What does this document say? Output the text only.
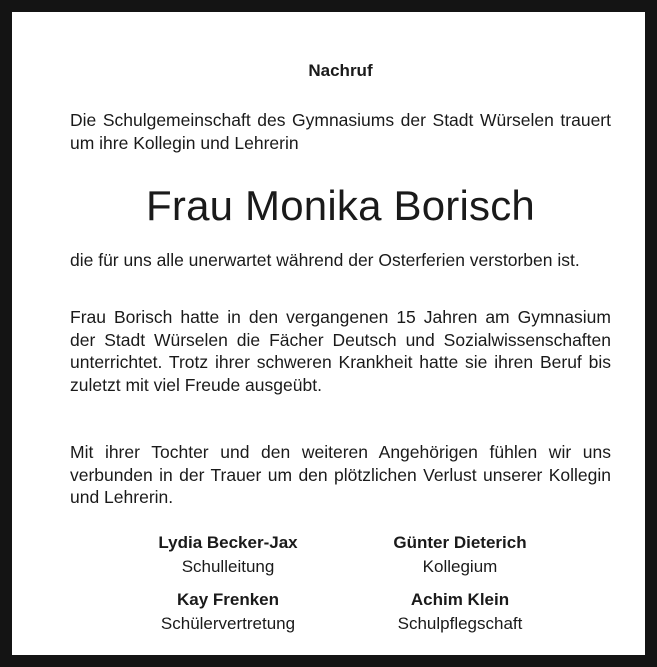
Nachruf
Die Schulgemeinschaft des Gymnasiums der Stadt Würselen trauert um ihre Kollegin und Lehrerin
Frau Monika Borisch
die für uns alle unerwartet während der Osterferien verstorben ist.
Frau Borisch hatte in den vergangenen 15 Jahren am Gymnasium der Stadt Würselen die Fächer Deutsch und Sozialwissenschaften unterrichtet. Trotz ihrer schweren Krankheit hatte sie ihren Beruf bis zuletzt mit viel Freude ausgeübt.
Mit ihrer Tochter und den weiteren Angehörigen fühlen wir uns verbunden in der Trauer um den plötzlichen Verlust unserer Kollegin und Lehrerin.
Lydia Becker-Jax
Schulleitung
Günter Dieterich
Kollegium
Kay Frenken
Schülervertretung
Achim Klein
Schulpflegschaft
